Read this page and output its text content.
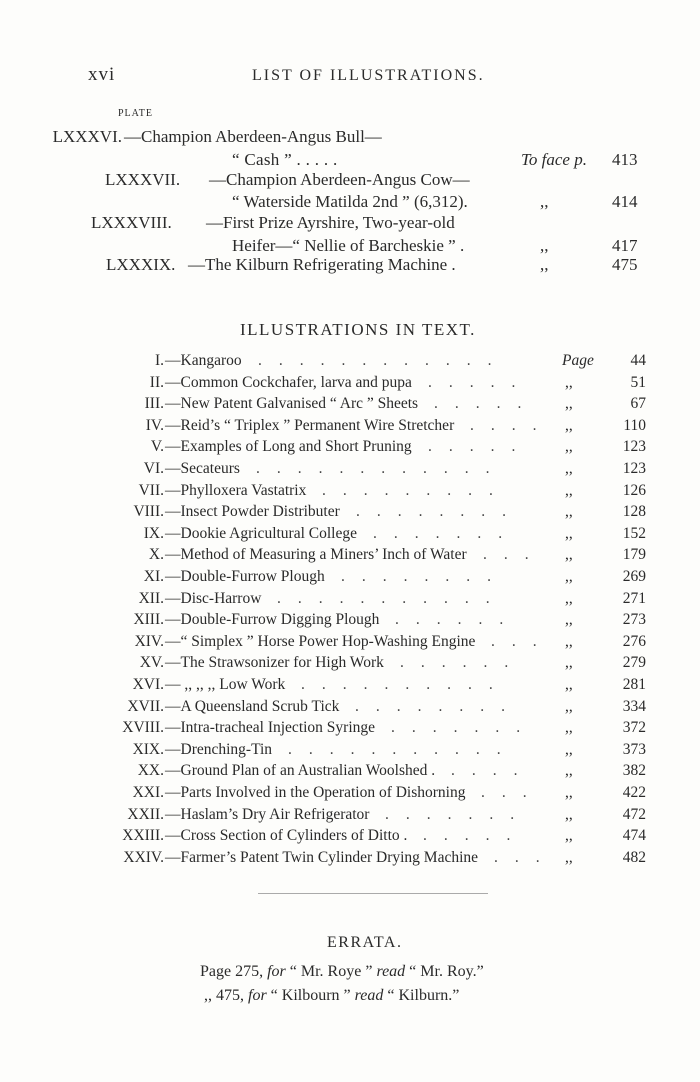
xvi	LIST OF ILLUSTRATIONS.
PLATE
LXXXVI. —Champion Aberdeen-Angus Bull—
“ Cash ” . . . . .	To face p. 413
LXXXVII. —Champion Aberdeen-Angus Cow—
“ Waterside Matilda 2nd ” (6,312).	,,	414
LXXXVIII. —First Prize Ayrshire, Two-year-old
Heifer—“ Nellie of Barcheskie ” .	,,	417
LXXXIX. —The Kilburn Refrigerating Machine .	,,	475
ILLUSTRATIONS IN TEXT.
I. —Kangaroo	Page	44
............
II. —Common Cockchafer, larva and pupa	,,	51
.....
III. —New Patent Galvanised “ Arc ” Sheets	,,	67
.....
IV. —Reid’s “ Triplex ” Permanent Wire Stretcher	,,	110
....
V. —Examples of Long and Short Pruning	,,	123
.....
VI. —Secateurs	,,	123
............
VII. —Phylloxera Vastatrix	,,	126
.........
VIII. —Insect Powder Distributer	,,	128
........
IX. —Dookie Agricultural College	,,	152
.......
X. —Method of Measuring a Miners’ Inch of Water	,,	179
...
XI. —Double-Furrow Plough	,,	269
........
XII. —Disc-Harrow	,,	271
...........
XIII. —Double-Furrow Digging Plough	,,	273
......
XIV. —“ Simplex ” Horse Power Hop-Washing Engine	,,	276
...
XV. —The Strawsonizer for High Work	,,	279
......
XVI. — ,, ,, ,, Low Work	,,	281
..........
XVII. —A Queensland Scrub Tick	,,	334
........
XVIII. —Intra-tracheal Injection Syringe	,,	372
.......
XIX. —Drenching-Tin	,,	373
...........
XX. —Ground Plan of an Australian Woolshed .	,,	382
....
XXI. —Parts Involved in the Operation of Dishorning	,,	422
...
XXII. —Haslam’s Dry Air Refrigerator	,,	472
.......
XXIII. —Cross Section of Cylinders of Ditto .	,,	474
.....
XXIV. —Farmer’s Patent Twin Cylinder Drying Machine	,,	482
...
ERRATA.
Page 275, for “ Mr. Roye ” read “ Mr. Roy.”
,, 475, for “ Kilbourn ” read “ Kilburn.”
